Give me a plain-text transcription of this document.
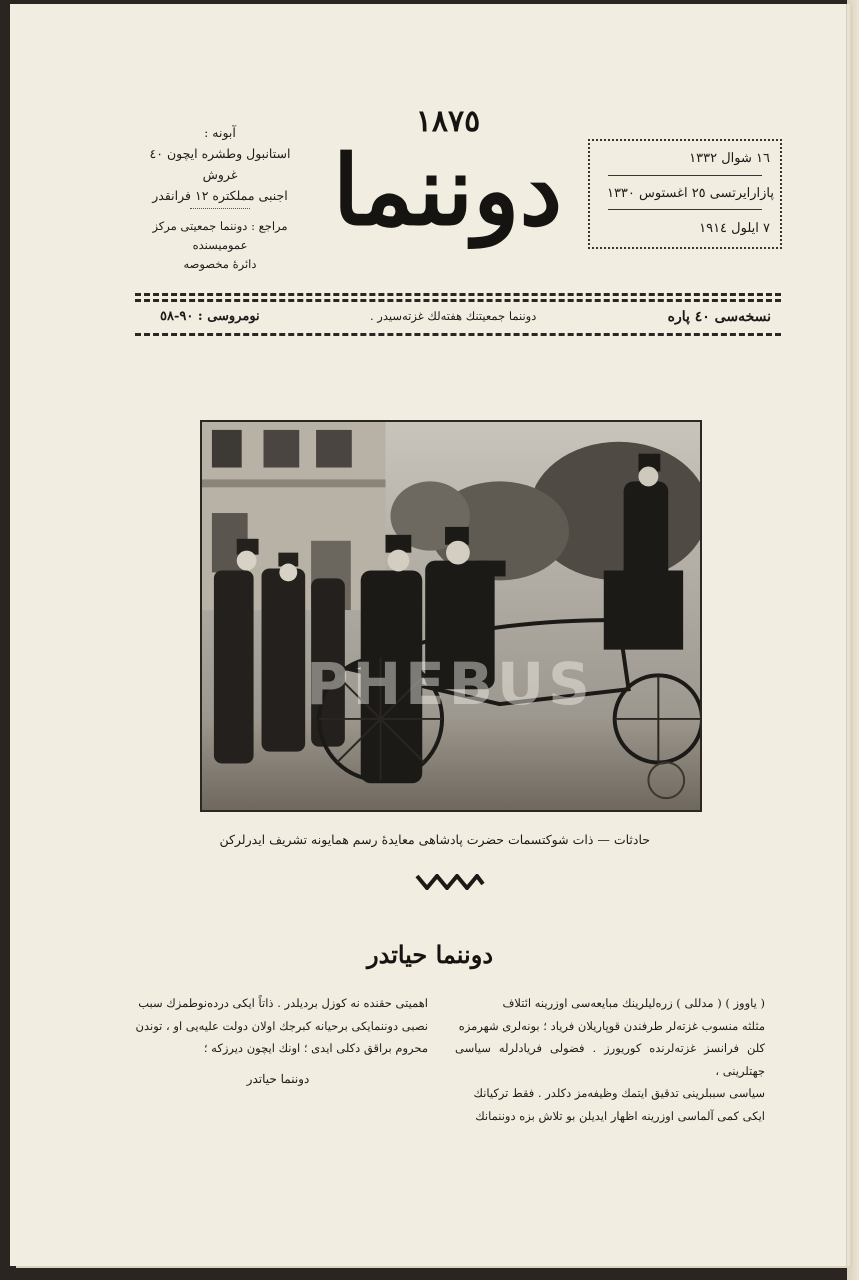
١٨٧٥
دوننما
آبونه :
استانبول وطشره ايچون ٤٠ غروش
اجنبى مملكتره ١٢ فرانقدر
مراجع : دوننما جمعيتى مركز عموميسنده
دائرهٔ مخصوصه
١٦ شوال ١٣٣٢
پازارايرتسى ٢٥ اغستوس ١٣٣٠
٧ ايلول ١٩١٤
نسخه‌سى ٤٠ پاره
دوننما جمعيتنك هفته‌لك غزته‌سيدر .
نومروسى : ٩٠-٥٨
PHEBUS
حادثات — ذات شوكتسمات حضرت پادشاهى معايدهٔ رسم همايونه تشريف ايدرلركن
دوننما حياتدر

( ياووز ) ( مدللى ) زره‌ليلرينك مبايعه‌سى اوزرينه ائتلاف

مثلثه منسوب غزته‌لر طرفندن قوپاريلان فرياد ؛ بونه‌لرى شهرمزه

كلن فرانسز غزته‌لرنده كوريورز . فضولى فريادلرله سياسى جهتلرينى ،

سياسى سببلرينى تدقيق ايتمك وظيفه‌مز دكلدر . فقط تركيانك

ايكى كمى آلماسى اوزرينه اظهار ايديلن بو تلاش بزه دوننمانك

اهميتى حقنده نه كوزل برديلدر . ذاتاً ايكى درده‌نوطمزك سبب

نصبى دوننمايكى برحيانه كبرجك اولان دولت عليه‌يى او ، توندن

محروم براقق دكلى ايدى ؛ اونك ايچون ديرزكه ؛

دوننما حياتدر
